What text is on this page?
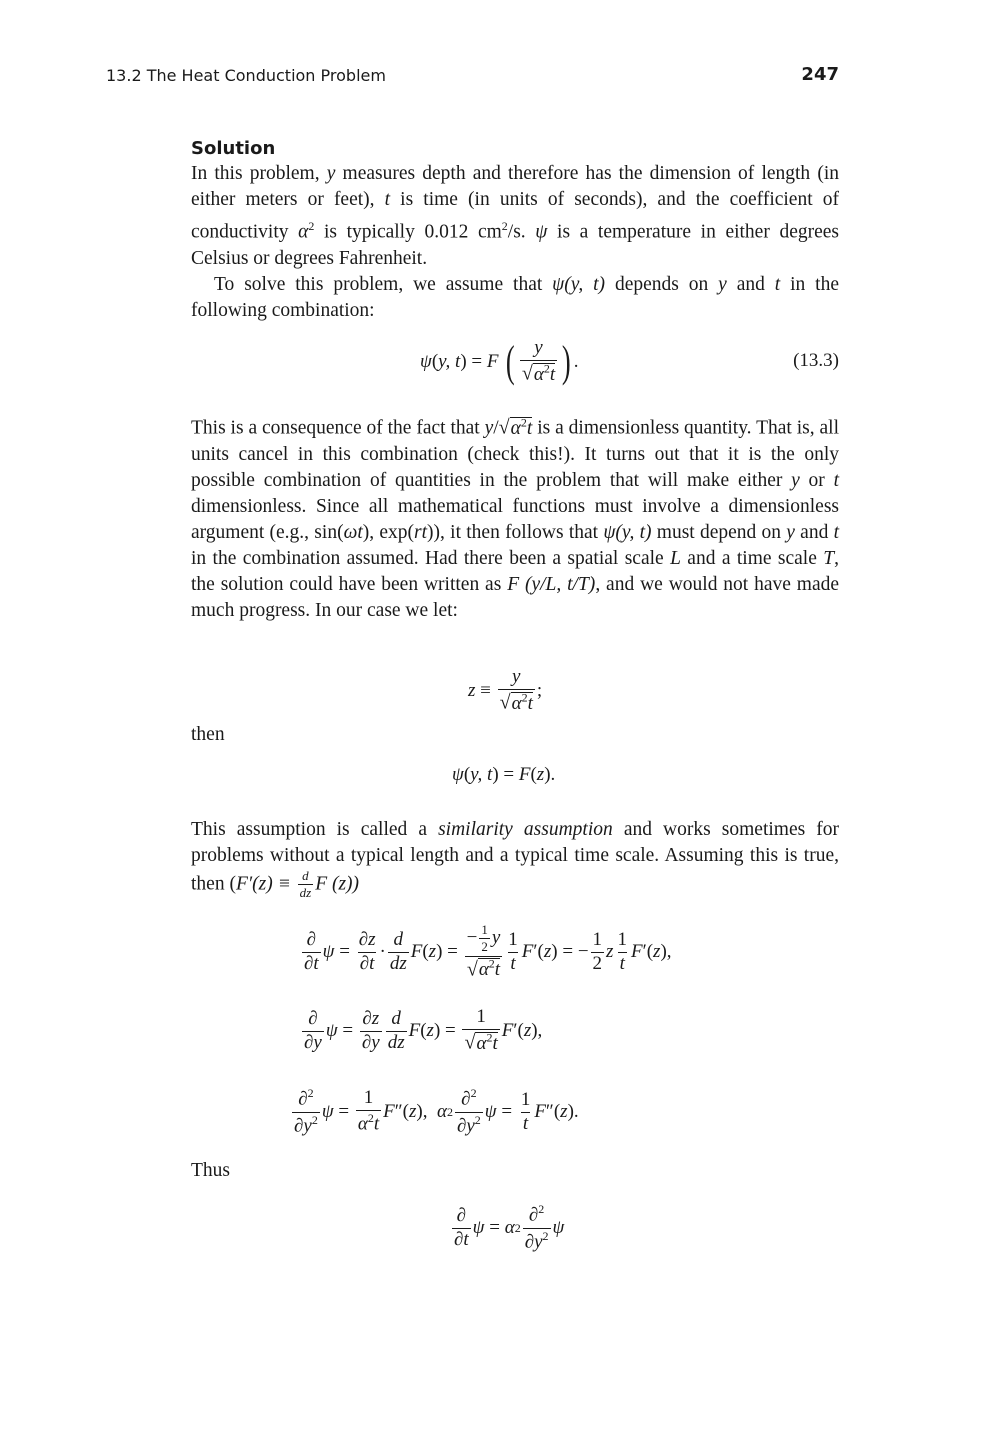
13.2 The Heat Conduction Problem	247
Solution

In this problem, y measures depth and therefore has the dimension of length (in either meters or feet), t is time (in units of seconds), and the coefficient of conductivity $\alpha^2$ is typically 0.012 $cm^2/s$. ψ is a temperature in either degrees Celsius or degrees Fahrenheit.

To solve this problem, we assume that ψ(y, t) depends on y and t in the following combination:

ψ ( y, t ) = F
( $\frac{y}{√\alpha^2t}$ ) .	(13.3)

This is a consequence of the fact that $y/√\alpha^2t$ is a dimensionless quantity. That is, all units cancel in this combination (check this!). It turns out that it is the only possible combination of quantities in the problem that will make either y or t dimensionless. Since all mathematical functions must involve a dimensionless argument (e.g., sin(ωt), exp(rt)), it then follows that ψ(y, t) must depend on y and t in the combination assumed. Had there been a spatial scale L and a time scale T, the solution could have been written as F (y/L, t/T), and we would not have made much progress. In our case we let:

$z \equiv \frac{y}{√\alpha^2t}$ ;
then
ψ ( y, t ) = F ( z ).

This assumption is called a similarity assumption and works sometimes for problems without a typical length and a typical time scale. Assuming this is true, then ($F'(z) \equiv \frac{d}{dz}$ F (z))

$\frac{\partial}{\partial t}$ $\psi = \frac{\partial z}{\partial t} \cdot \frac{d}{dz}$ F ( z ) = $\frac{- \frac{1}{2} y}{√\alpha^2t} \frac{1}{t}$ F ′( z ) = − $\frac{1}{2}$ z $\frac{1}{t}$ F ′( z ),
$\frac{\partial}{\partial y}$ $\psi = \frac{\partial z}{\partial y} \frac{d}{dz}$ F ( z ) = $\frac{1}{√\alpha^2t}$ F ′( z ),
$\frac{\partial^2}{\partial y^2}$ $\psi = \frac{1}{\alpha^2t}$ F ″( z ), α $2 \frac{\partial^2}{\partial y^2}$ $\psi = \frac{1}{t}$ F ″( z ).
Thus
$\frac{\partial}{\partial t}$ ψ = α $2 \frac{\partial^2}{\partial y^2}$ ψ
